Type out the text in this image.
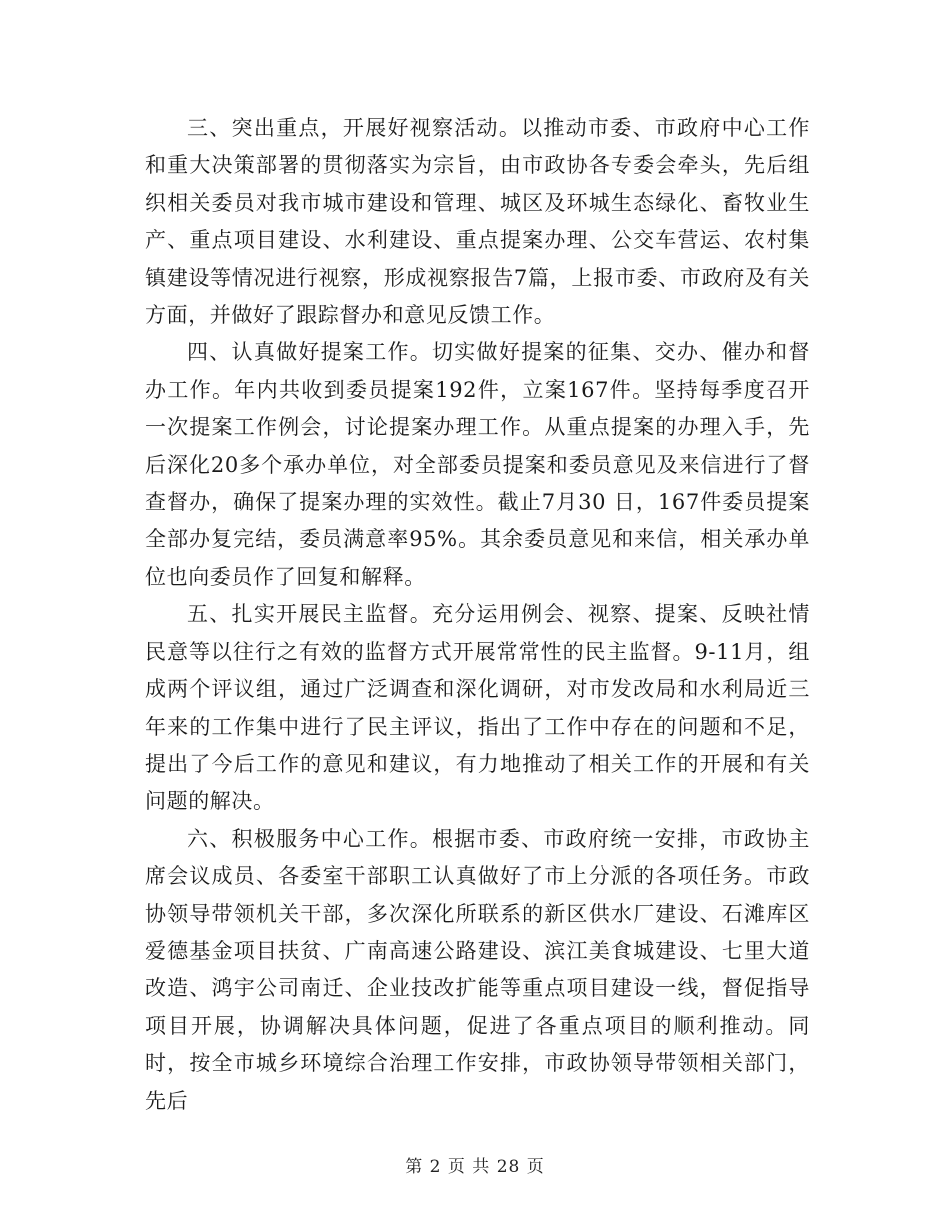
三、突出重点，开展好视察活动。以推动市委、市政府中心工作和重大决策部署的贯彻落实为宗旨，由市政协各专委会牵头，先后组织相关委员对我市城市建设和管理、城区及环城生态绿化、畜牧业生产、重点项目建设、水利建设、重点提案办理、公交车营运、农村集镇建设等情况进行视察，形成视察报告7篇，上报市委、市政府及有关方面，并做好了跟踪督办和意见反馈工作。

四、认真做好提案工作。切实做好提案的征集、交办、催办和督办工作。年内共收到委员提案192件，立案167件。坚持每季度召开一次提案工作例会，讨论提案办理工作。从重点提案的办理入手，先后深化20多个承办单位，对全部委员提案和委员意见及来信进行了督查督办，确保了提案办理的实效性。截止7月30 日，167件委员提案全部办复完结，委员满意率95%。其余委员意见和来信，相关承办单位也向委员作了回复和解释。

五、扎实开展民主监督。充分运用例会、视察、提案、反映社情民意等以往行之有效的监督方式开展常常性的民主监督。9-11月，组成两个评议组，通过广泛调查和深化调研，对市发改局和水利局近三年来的工作集中进行了民主评议，指出了工作中存在的问题和不足，提出了今后工作的意见和建议，有力地推动了相关工作的开展和有关问题的解决。

六、积极服务中心工作。根据市委、市政府统一安排，市政协主席会议成员、各委室干部职工认真做好了市上分派的各项任务。市政协领导带领机关干部，多次深化所联系的新区供水厂建设、石滩库区爱德基金项目扶贫、广南高速公路建设、滨江美食城建设、七里大道改造、鸿宇公司南迁、企业技改扩能等重点项目建设一线，督促指导项目开展，协调解决具体问题，促进了各重点项目的顺利推动。同时，按全市城乡环境综合治理工作安排，市政协领导带领相关部门，先后

第 2 页 共 28 页
